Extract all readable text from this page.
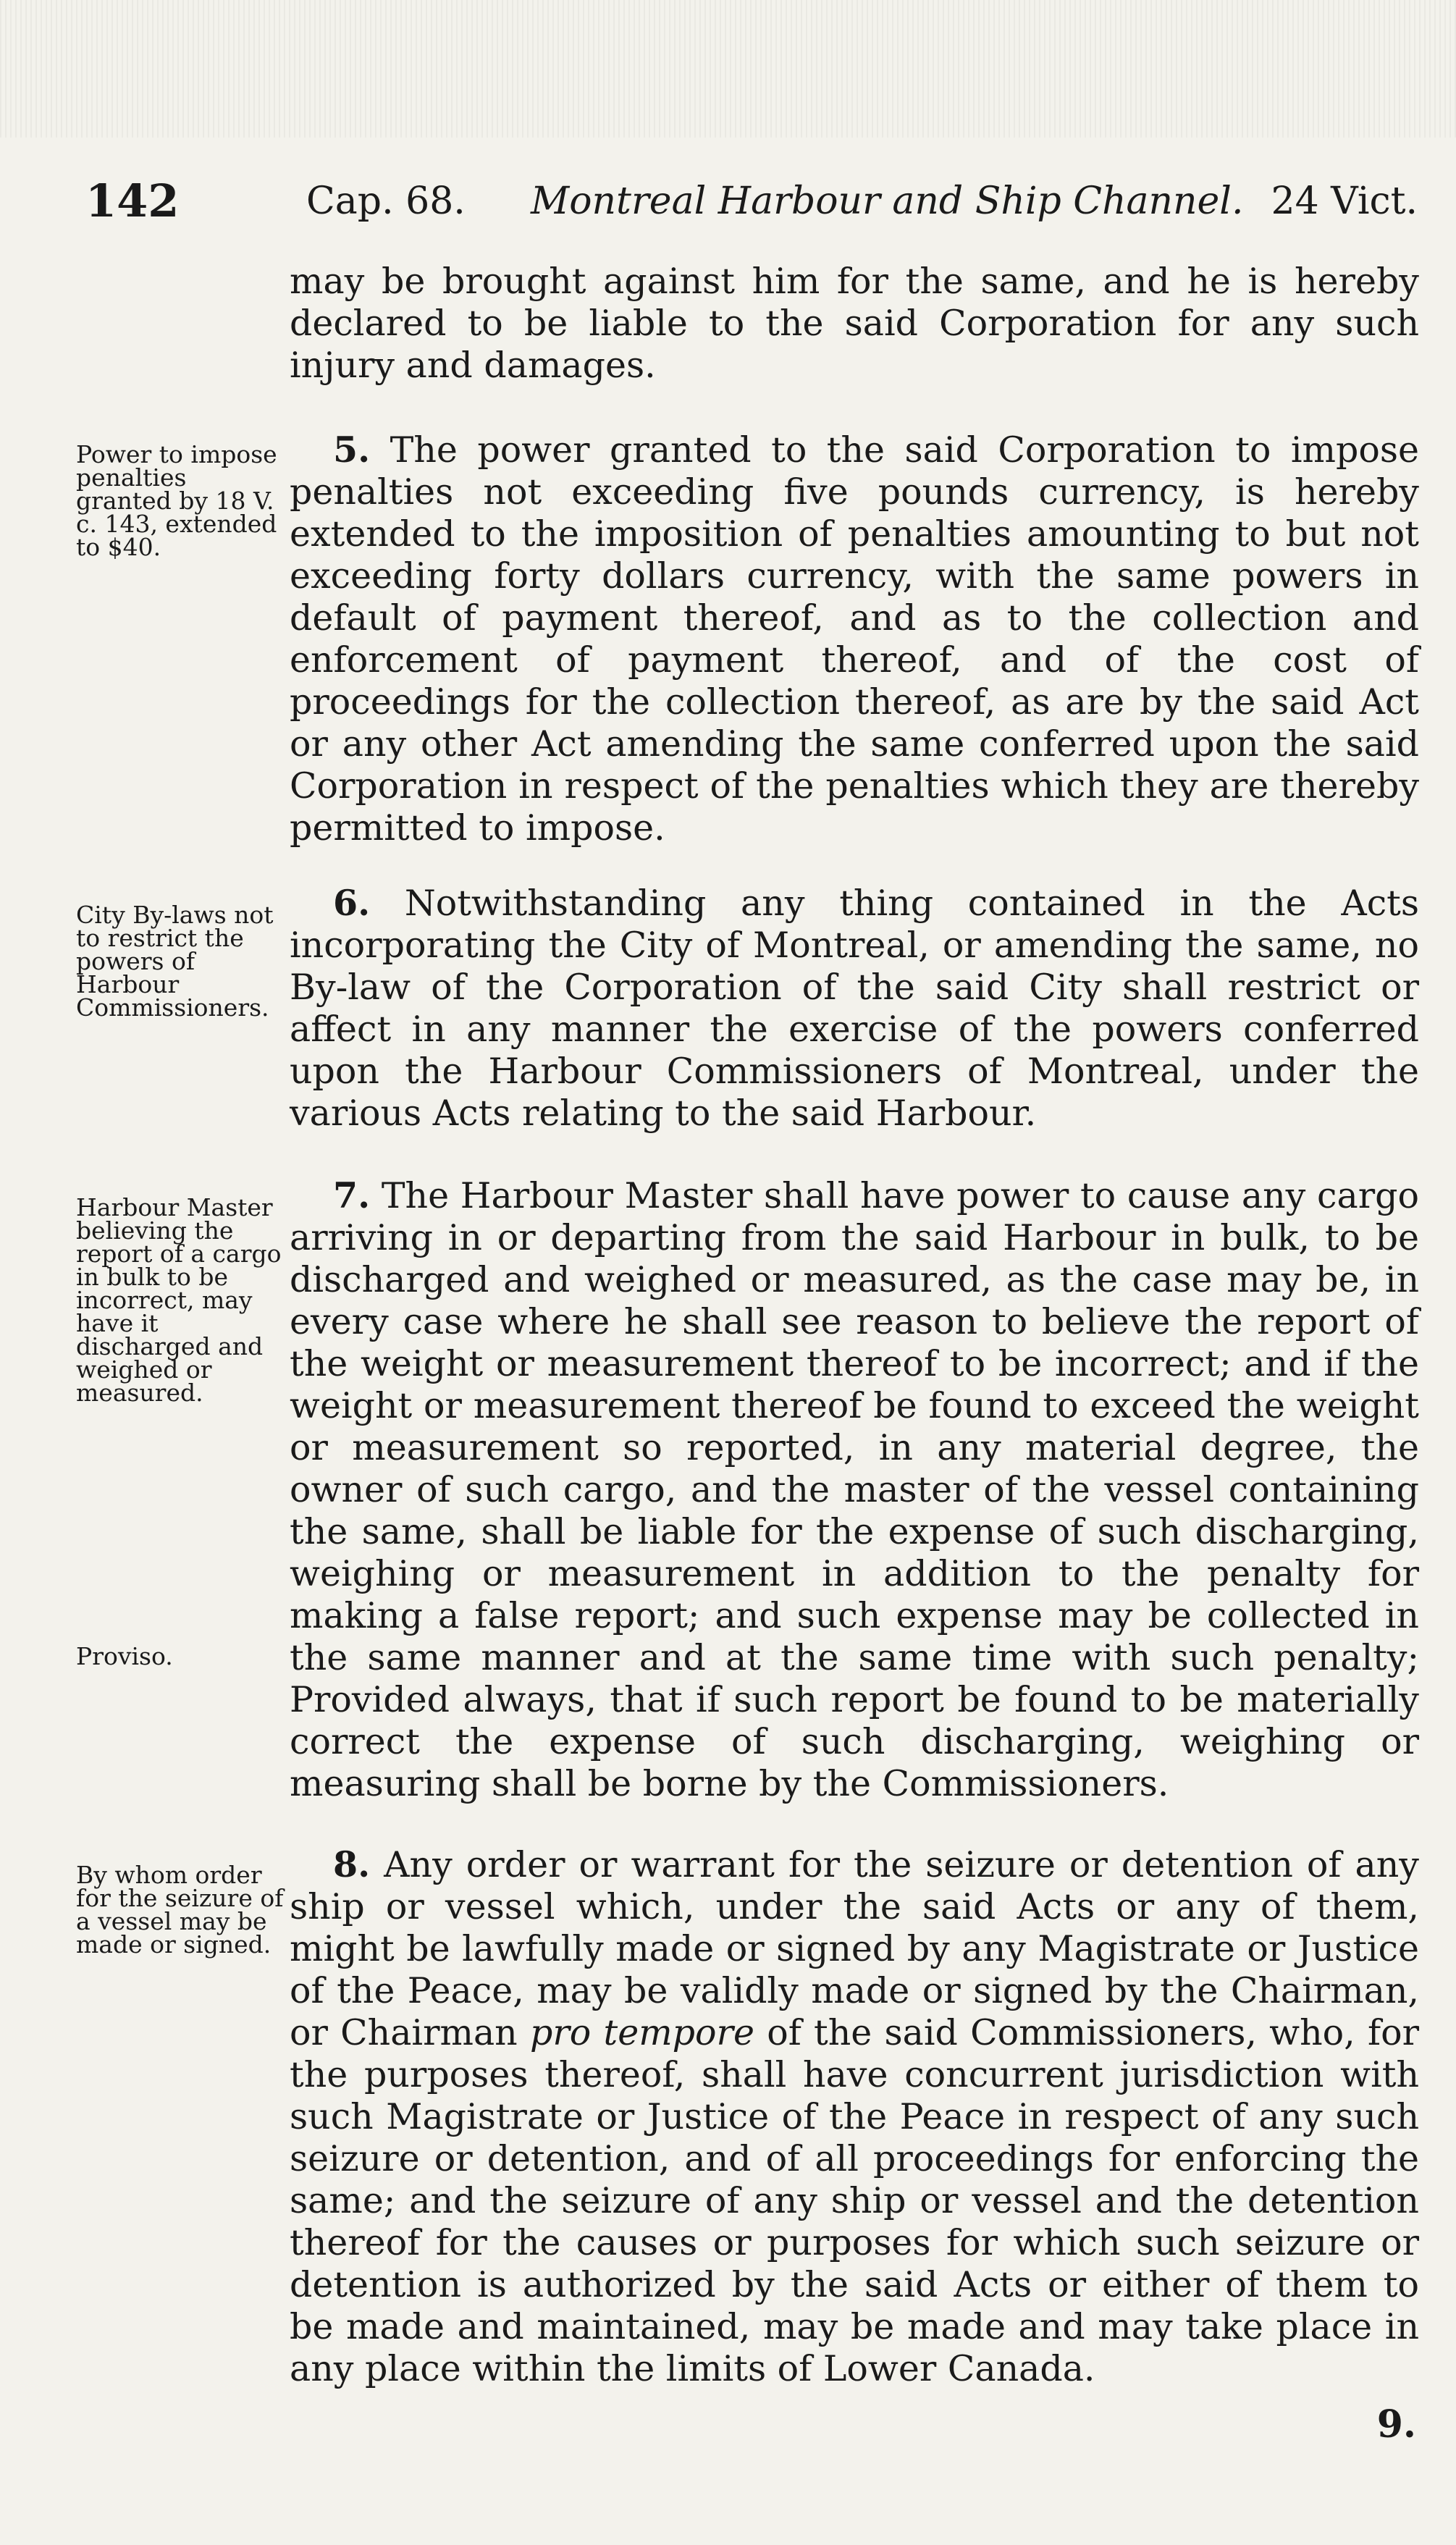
142	Cap. 68. Montreal Harbour and Ship Channel. 24 Vict.

may be brought against him for the same, and he is hereby declared to be liable to the said Corporation for any such injury and damages.

Power to impose penalties granted by 18 V. c. 143, extended to $40.

5. The power granted to the said Corporation to impose penalties not exceeding five pounds currency, is hereby extended to the imposition of penalties amounting to but not exceeding forty dollars currency, with the same powers in default of payment thereof, and as to the collection and enforcement of payment thereof, and of the cost of proceedings for the collection thereof, as are by the said Act or any other Act amending the same conferred upon the said Corporation in respect of the penalties which they are thereby permitted to impose.

City By-laws not to restrict the powers of Harbour Commissioners.

6. Notwithstanding any thing contained in the Acts incorporating the City of Montreal, or amending the same, no By-law of the Corporation of the said City shall restrict or affect in any manner the exercise of the powers conferred upon the Harbour Commissioners of Montreal, under the various Acts relating to the said Harbour.

Harbour Master believing the report of a cargo in bulk to be incorrect, may have it discharged and weighed or measured.

Proviso.

7. The Harbour Master shall have power to cause any cargo arriving in or departing from the said Harbour in bulk, to be discharged and weighed or measured, as the case may be, in every case where he shall see reason to believe the report of the weight or measurement thereof to be incorrect; and if the weight or measurement thereof be found to exceed the weight or measurement so reported, in any material degree, the owner of such cargo, and the master of the vessel containing the same, shall be liable for the expense of such discharging, weighing or measurement in addition to the penalty for making a false report; and such expense may be collected in the same manner and at the same time with such penalty; Provided always, that if such report be found to be materially correct the expense of such discharging, weighing or measuring shall be borne by the Commissioners.

By whom order for the seizure of a vessel may be made or signed.

8. Any order or warrant for the seizure or detention of any ship or vessel which, under the said Acts or any of them, might be lawfully made or signed by any Magistrate or Justice of the Peace, may be validly made or signed by the Chairman, or Chairman pro tempore of the said Commissioners, who, for the purposes thereof, shall have concurrent jurisdiction with such Magistrate or Justice of the Peace in respect of any such seizure or detention, and of all proceedings for enforcing the same; and the seizure of any ship or vessel and the detention thereof for the causes or purposes for which such seizure or detention is authorized by the said Acts or either of them to be made and maintained, may be made and may take place in any place within the limits of Lower Canada.

9.
